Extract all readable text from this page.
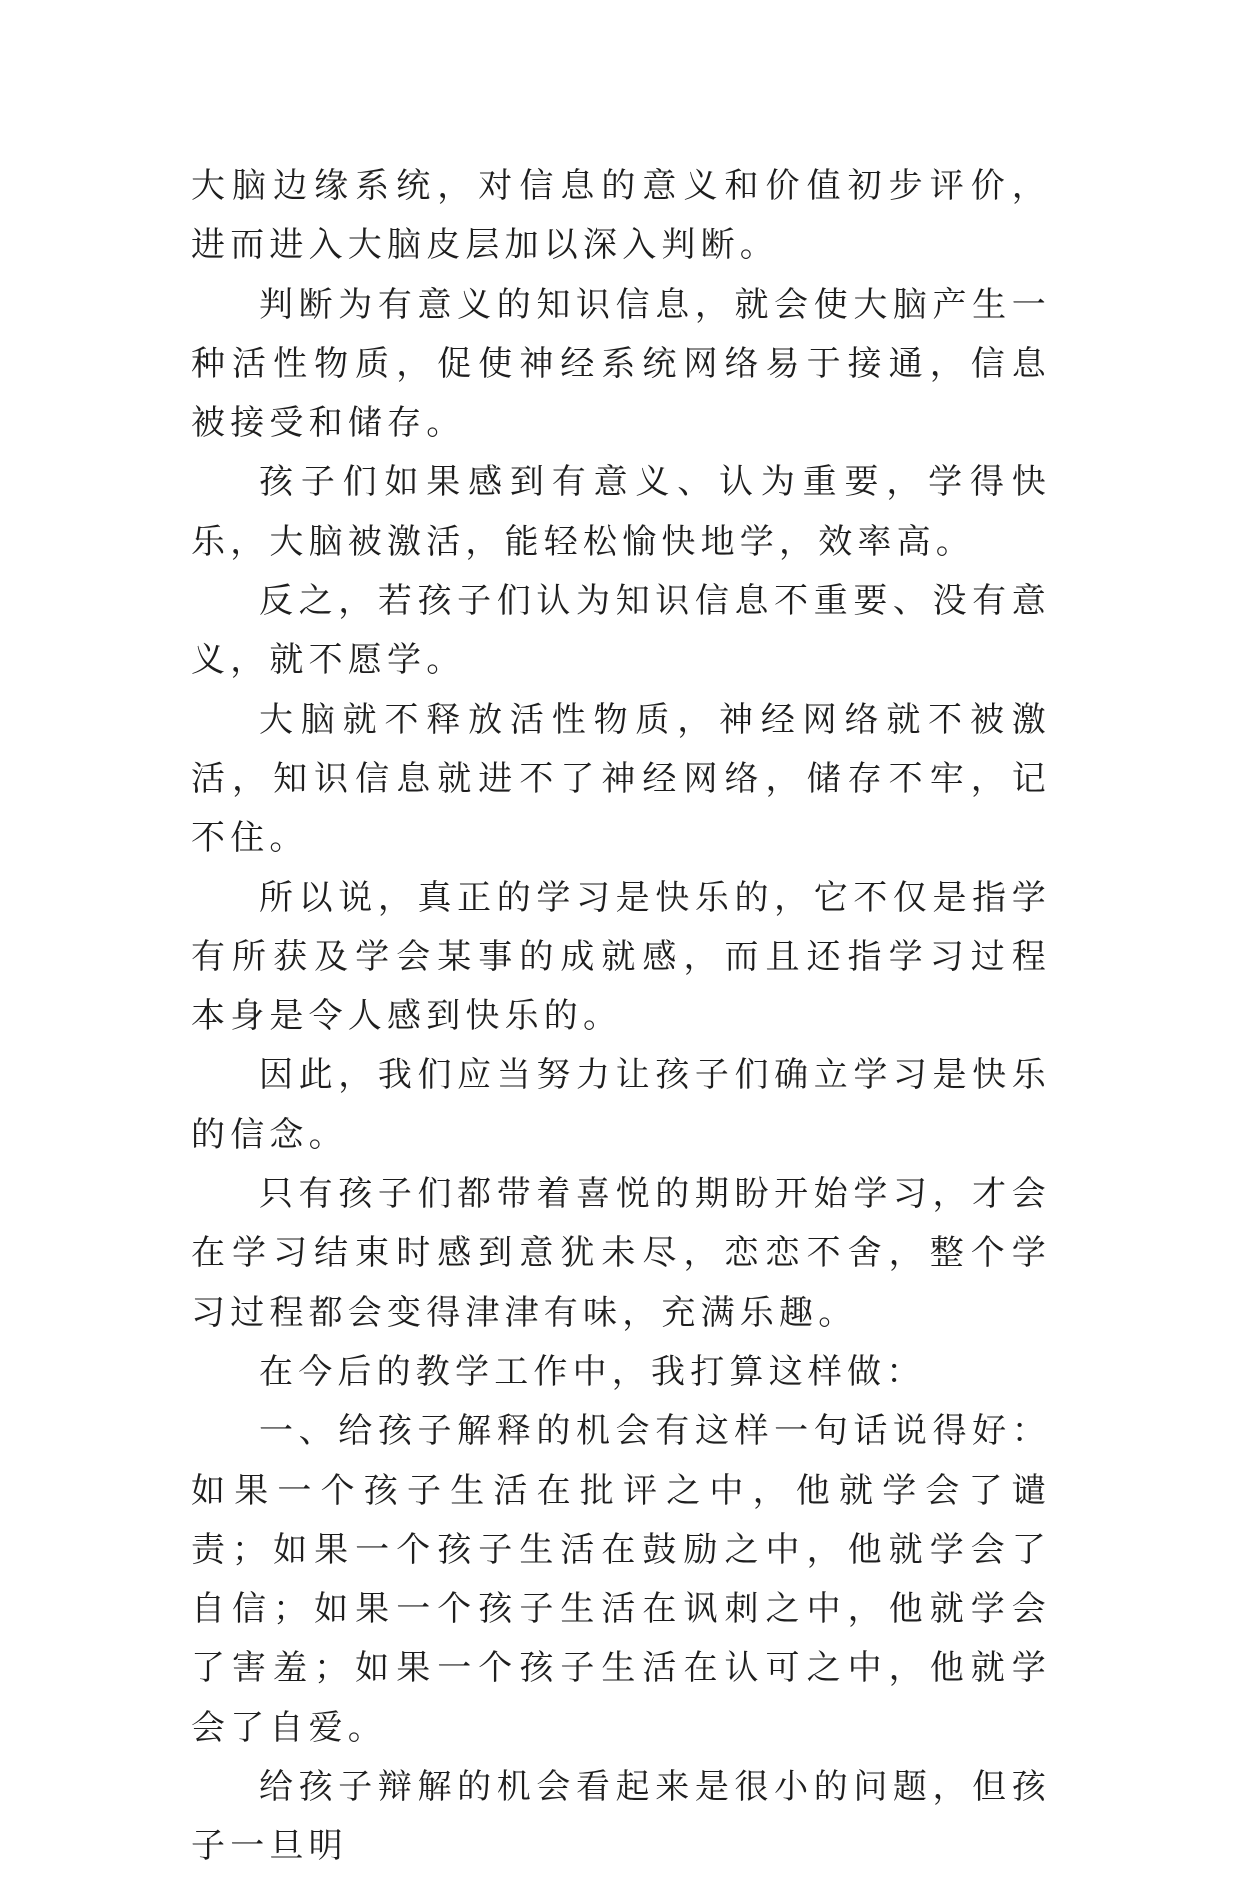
大脑边缘系统，对信息的意义和价值初步评价，进而进入大脑皮层加以深入判断。

判断为有意义的知识信息，就会使大脑产生一种活性物质，促使神经系统网络易于接通，信息被接受和储存。

孩子们如果感到有意义、认为重要，学得快乐，大脑被激活，能轻松愉快地学，效率高。

反之，若孩子们认为知识信息不重要、没有意义，就不愿学。

大脑就不释放活性物质，神经网络就不被激活，知识信息就进不了神经网络，储存不牢，记不住。

所以说，真正的学习是快乐的，它不仅是指学有所获及学会某事的成就感，而且还指学习过程本身是令人感到快乐的。

因此，我们应当努力让孩子们确立学习是快乐的信念。

只有孩子们都带着喜悦的期盼开始学习，才会在学习结束时感到意犹未尽，恋恋不舍，整个学习过程都会变得津津有味，充满乐趣。

在今后的教学工作中，我打算这样做：

一、给孩子解释的机会有这样一句话说得好：如果一个孩子生活在批评之中，他就学会了谴责；如果一个孩子生活在鼓励之中，他就学会了自信；如果一个孩子生活在讽刺之中，他就学会了害羞；如果一个孩子生活在认可之中，他就学会了自爱。

给孩子辩解的机会看起来是很小的问题，但孩子一旦明
